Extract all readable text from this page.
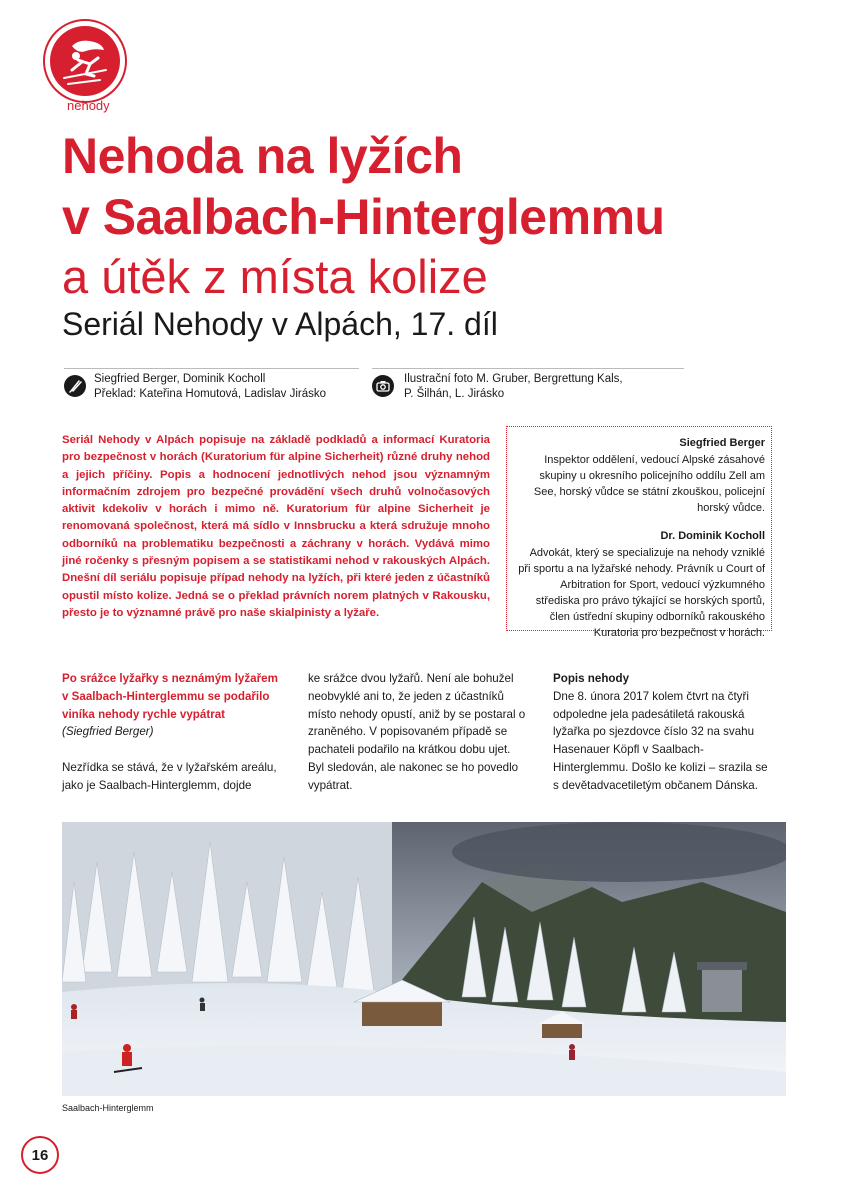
nehody
Nehoda na lyžích
v Saalbach-Hinterglemmu
a útěk z místa kolize
Seriál Nehody v Alpách, 17. díl
Siegfried Berger, Dominik Kocholl
Překlad: Kateřina Homutová, Ladislav Jirásko
Ilustrační foto M. Gruber, Bergrettung Kals,
P. Šilhán, L. Jirásko
Seriál Nehody v Alpách popisuje na základě podkladů a informací Kuratoria pro bezpečnost v horách (Kuratorium für alpine Sicherheit) různé druhy nehod a jejich příčiny. Popis a hodnocení jednotlivých nehod jsou významným informačním zdrojem pro bezpečné provádění všech druhů volnočasových aktivit kdekoliv v horách i mimo ně. Kuratorium für alpine Sicherheit je renomovaná společnost, která má sídlo v Innsbrucku a která sdružuje mnoho odborníků na problematiku bezpečnosti a záchrany v horách. Vydává mimo jiné ročenky s přesným popisem a se statistikami nehod v rakouských Alpách. Dnešní díl seriálu popisuje případ nehody na lyžích, při které jeden z účastníků opustil místo kolize. Jedná se o překlad právních norem platných v Rakousku, přesto je to významné právě pro naše skialpinisty a lyžaře.
Siegfried Berger
Inspektor oddělení, vedoucí Alpské zásahové skupiny u okresního policejního oddílu Zell am See, horský vůdce se státní zkouškou, policejní horský vůdce.
Dr. Dominik Kocholl
Advokát, který se specializuje na nehody vzniklé při sportu a na lyžařské nehody. Právník u Court of Arbitration for Sport, vedoucí výzkumného střediska pro právo týkající se horských sportů, člen ústřední skupiny odborníků rakouského Kuratoria pro bezpečnost v horách.
Po srážce lyžařky s neznámým lyžařem v Saalbach-Hinterglemmu se podařilo viníka nehody rychle vypátrat
(Siegfried Berger)
Nezřídka se stává, že v lyžařském areálu, jako je Saalbach-Hinterglemm, dojde
ke srážce dvou lyžařů. Není ale bohužel neobvyklé ani to, že jeden z účastníků místo nehody opustí, aniž by se postaral o zraněného. V popisovaném případě se pachateli podařilo na krátkou dobu ujet. Byl sledován, ale nakonec se ho povedlo vypátrat.
Popis nehody
Dne 8. února 2017 kolem čtvrt na čtyři odpoledne jela padesátiletá rakouská lyžařka po sjezdovce číslo 32 na svahu Hasenauer Köpfl v Saalbach-Hinterglemmu. Došlo ke kolizi – srazila se s devětadvacetiletým občanem Dánska.
Saalbach-Hinterglemm
16
